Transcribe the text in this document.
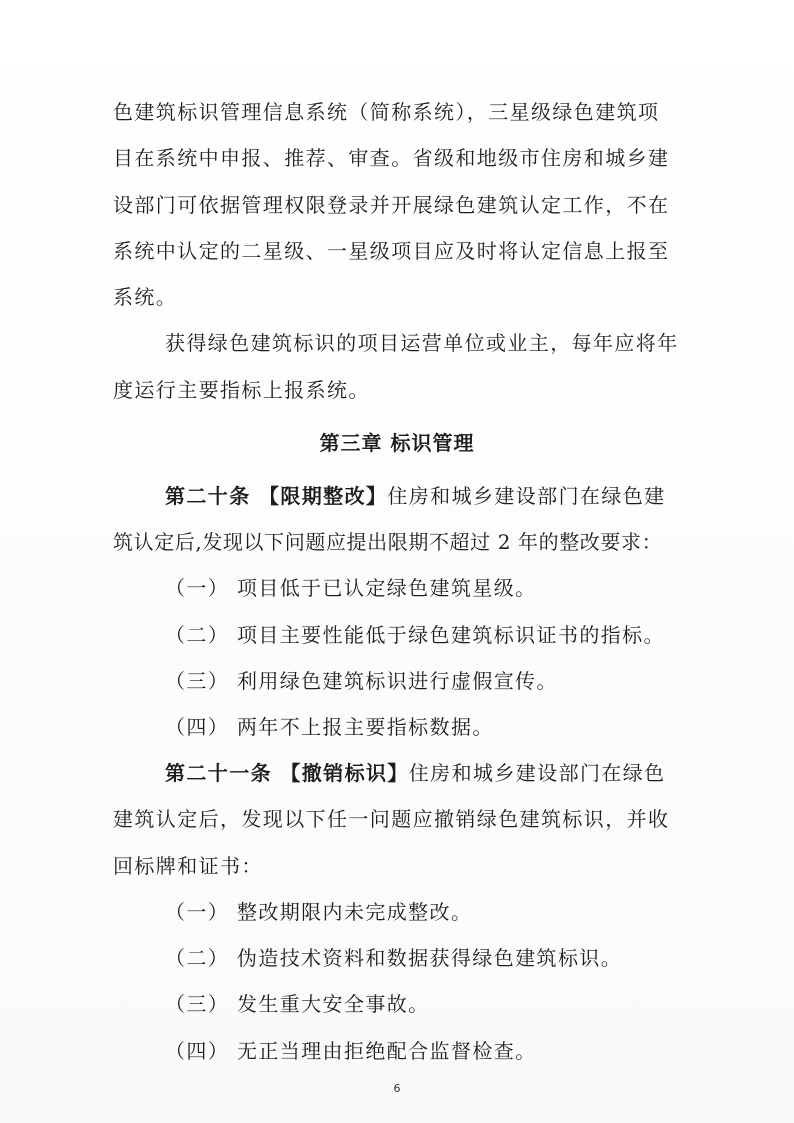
色建筑标识管理信息系统（简称系统），三星级绿色建筑项
目在系统中申报、推荐、审查。省级和地级市住房和城乡建
设部门可依据管理权限登录并开展绿色建筑认定工作，不在
系统中认定的二星级、一星级项目应及时将认定信息上报至
系统。
获得绿色建筑标识的项目运营单位或业主，每年应将年
度运行主要指标上报系统。
第三章 标识管理
第二十条 【限期整改】住房和城乡建设部门在绿色建
筑认定后,发现以下问题应提出限期不超过 2 年的整改要求：
（一） 项目低于已认定绿色建筑星级。
（二） 项目主要性能低于绿色建筑标识证书的指标。
（三） 利用绿色建筑标识进行虚假宣传。
（四） 两年不上报主要指标数据。
第二十一条 【撤销标识】住房和城乡建设部门在绿色
建筑认定后，发现以下任一问题应撤销绿色建筑标识，并收
回标牌和证书：
（一） 整改期限内未完成整改。
（二） 伪造技术资料和数据获得绿色建筑标识。
（三） 发生重大安全事故。
（四） 无正当理由拒绝配合监督检查。
6
